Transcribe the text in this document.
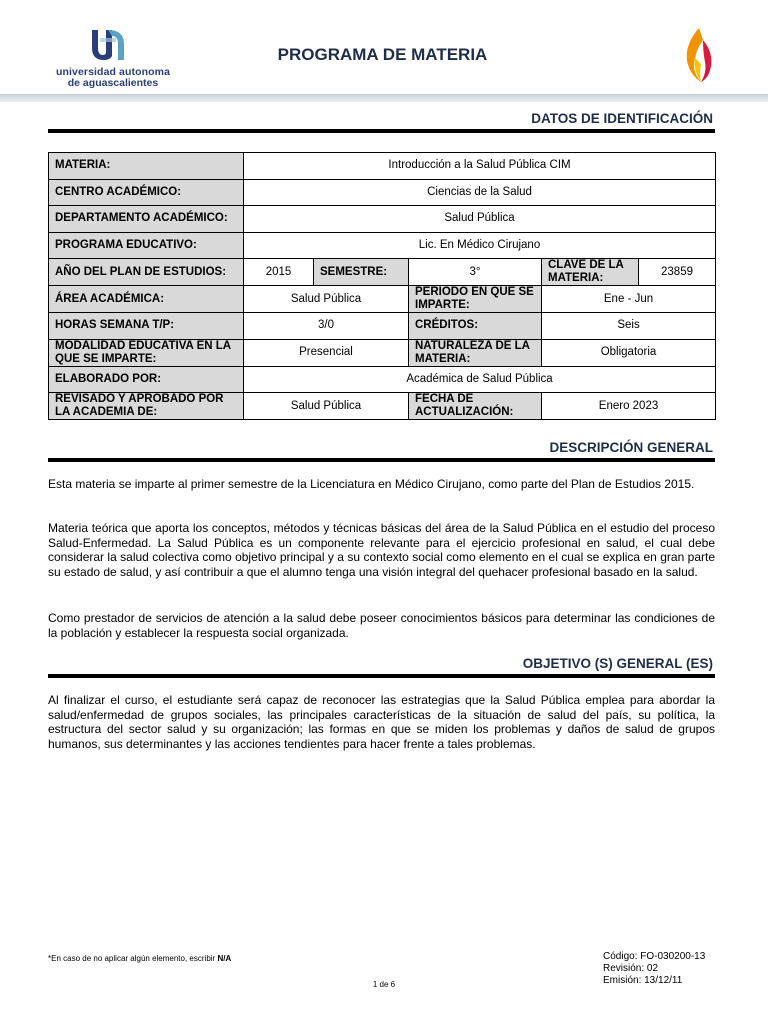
universidad autonoma
de aguascalientes
PROGRAMA DE MATERIA
DATOS DE IDENTIFICACIÓN
MATERIA:	Introducción a la Salud Pública CIM				
CENTRO ACADÉMICO:	Ciencias de la Salud				
DEPARTAMENTO ACADÉMICO:	Salud Pública				
PROGRAMA EDUCATIVO:	Lic. En Médico Cirujano				
AÑO DEL PLAN DE ESTUDIOS:	2015	SEMESTRE:	3°	CLAVE DE LA MATERIA:	23859
ÁREA ACADÉMICA:	Salud Pública		PERIODO EN QUE SE IMPARTE:	Ene - Jun	
HORAS SEMANA T/P:	3/0		CRÉDITOS:	Seis	
MODALIDAD EDUCATIVA EN LA QUE SE IMPARTE:	Presencial		NATURALEZA DE LA MATERIA:	Obligatoria	
ELABORADO POR:	Académica de Salud Pública				
REVISADO Y APROBADO POR LA ACADEMIA DE:	Salud Pública		FECHA DE ACTUALIZACIÓN:	Enero 2023	
DESCRIPCIÓN GENERAL

Esta materia se imparte al primer semestre de la Licenciatura en Médico Cirujano, como parte del Plan de Estudios 2015.

Materia teórica que aporta los conceptos, métodos y técnicas básicas del área de la Salud Pública en el estudio del proceso Salud-Enfermedad. La Salud Pública es un componente relevante para el ejercicio profesional en salud, el cual debe considerar la salud colectiva como objetivo principal y a su contexto social como elemento en el cual se explica en gran parte su estado de salud, y así contribuir a que el alumno tenga una visión integral del quehacer profesional basado en la salud.

Como prestador de servicios de atención a la salud debe poseer conocimientos básicos para determinar las condiciones de la población y establecer la respuesta social organizada.

OBJETIVO (S) GENERAL (ES)

Al finalizar el curso, el estudiante será capaz de reconocer las estrategias que la Salud Pública emplea para abordar la salud/enfermedad de grupos sociales, las principales características de la situación de salud del país, su política, la estructura del sector salud y su organización; las formas en que se miden los problemas y daños de salud de grupos humanos, sus determinantes y las acciones tendientes para hacer frente a tales problemas.

*En caso de no aplicar algún elemento, escribir N/A
1 de 6
Código: FO-030200-13
Revisión: 02
Emisión: 13/12/11
